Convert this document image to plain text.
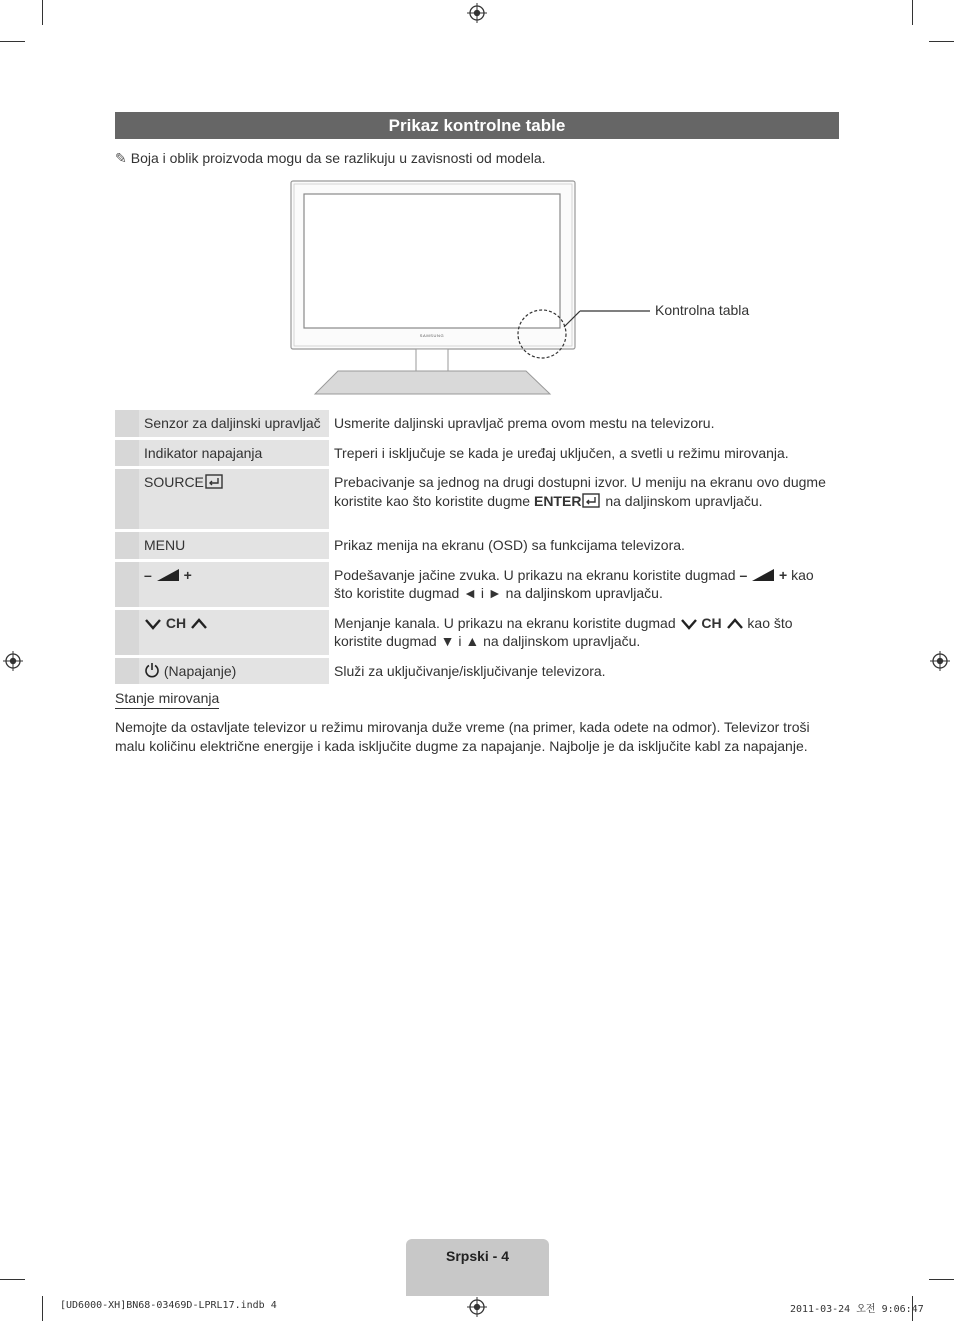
Prikaz kontrolne table
✎ Boja i oblik proizvoda mogu da se razlikuju u zavisnosti od modela.
SAMSUNG
Kontrolna tabla
	Senzor za daljinski upravljač	Usmerite daljinski upravljač prema ovom mestu na televizoru.
	Indikator napajanja	Treperi i isključuje se kada je uređaj uključen, a svetli u režimu mirovanja.
	SOURCE	Prebacivanje sa jednog na drugi dostupni izvor. U meniju na ekranu ovo dugme koristite kao što koristite dugme ENTER na daljinskom upravljaču.
	MENU	Prikaz menija na ekranu (OSD) sa funkcijama televizora.
	– +	Podešavanje jačine zvuka. U prikazu na ekranu koristite dugmad – + kao što koristite dugmad ◄ i ► na daljinskom upravljaču.
	CH	Menjanje kanala. U prikazu na ekranu koristite dugmad  CH  kao što koristite dugmad ▼ i ▲ na daljinskom upravljaču.
	(Napajanje)	Služi za uključivanje/isključivanje televizora.
Stanje mirovanja
Nemojte da ostavljate televizor u režimu mirovanja duže vreme (na primer, kada odete na odmor). Televizor troši malu količinu električne energije i kada isključite dugme za napajanje. Najbolje je da isključite kabl za napajanje.
Srpski - 4
[UD6000-XH]BN68-03469D-LPRL17.indb 4	2011-03-24 오전 9:06:47
